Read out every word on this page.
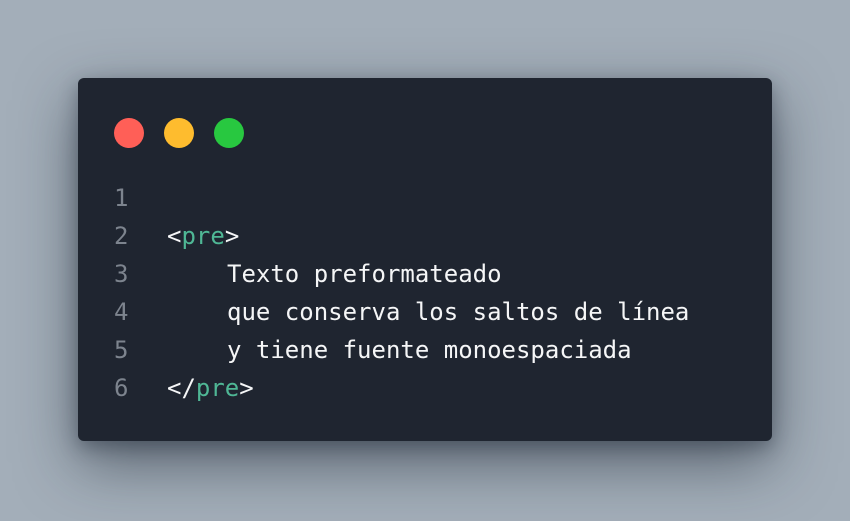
1

2

<pre>

3

	Texto preformateado

4

	que conserva los saltos de línea

5

	y tiene fuente monoespaciada

6

</pre>
